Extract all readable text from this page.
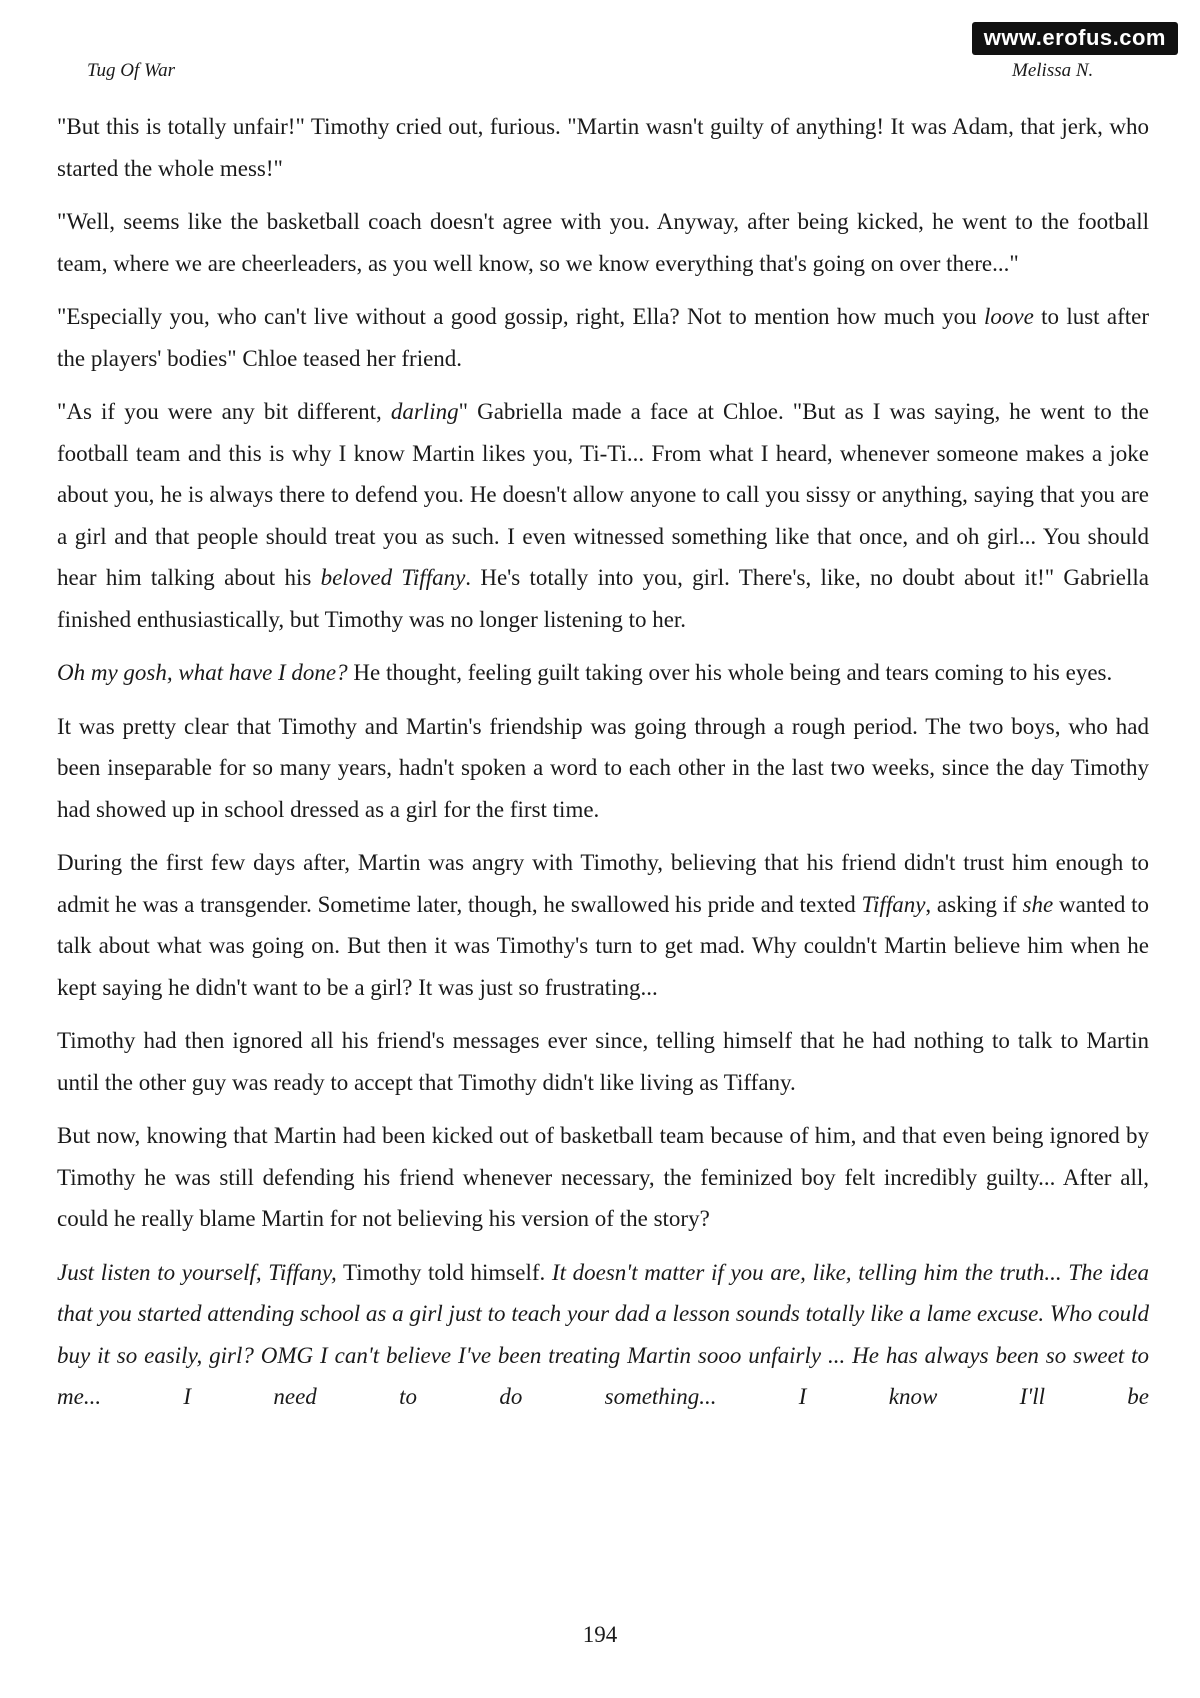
www.erofus.com
Tug Of War	Melissa N.

"But this is totally unfair!" Timothy cried out, furious. "Martin wasn't guilty of anything! It was Adam, that jerk, who started the whole mess!"

"Well, seems like the basketball coach doesn't agree with you. Anyway, after being kicked, he went to the football team, where we are cheerleaders, as you well know, so we know everything that's going on over there..."

"Especially you, who can't live without a good gossip, right, Ella? Not to mention how much you loove to lust after the players' bodies" Chloe teased her friend.

"As if you were any bit different, darling" Gabriella made a face at Chloe. "But as I was saying, he went to the football team and this is why I know Martin likes you, Ti-Ti... From what I heard, whenever someone makes a joke about you, he is always there to defend you. He doesn't allow anyone to call you sissy or anything, saying that you are a girl and that people should treat you as such. I even witnessed something like that once, and oh girl... You should hear him talking about his beloved Tiffany. He's totally into you, girl. There's, like, no doubt about it!" Gabriella finished enthusiastically, but Timothy was no longer listening to her.

Oh my gosh, what have I done? He thought, feeling guilt taking over his whole being and tears coming to his eyes.

It was pretty clear that Timothy and Martin's friendship was going through a rough period. The two boys, who had been inseparable for so many years, hadn't spoken a word to each other in the last two weeks, since the day Timothy had showed up in school dressed as a girl for the first time.

During the first few days after, Martin was angry with Timothy, believing that his friend didn't trust him enough to admit he was a transgender. Sometime later, though, he swallowed his pride and texted Tiffany, asking if she wanted to talk about what was going on. But then it was Timothy's turn to get mad. Why couldn't Martin believe him when he kept saying he didn't want to be a girl? It was just so frustrating...

Timothy had then ignored all his friend's messages ever since, telling himself that he had nothing to talk to Martin until the other guy was ready to accept that Timothy didn't like living as Tiffany.

But now, knowing that Martin had been kicked out of basketball team because of him, and that even being ignored by Timothy he was still defending his friend whenever necessary, the feminized boy felt incredibly guilty... After all, could he really blame Martin for not believing his version of the story?

Just listen to yourself, Tiffany, Timothy told himself. It doesn't matter if you are, like, telling him the truth... The idea that you started attending school as a girl just to teach your dad a lesson sounds totally like a lame excuse. Who could buy it so easily, girl? OMG I can't believe I've been treating Martin sooo unfairly ... He has always been so sweet to me... I need to do something... I know I'll be

194
